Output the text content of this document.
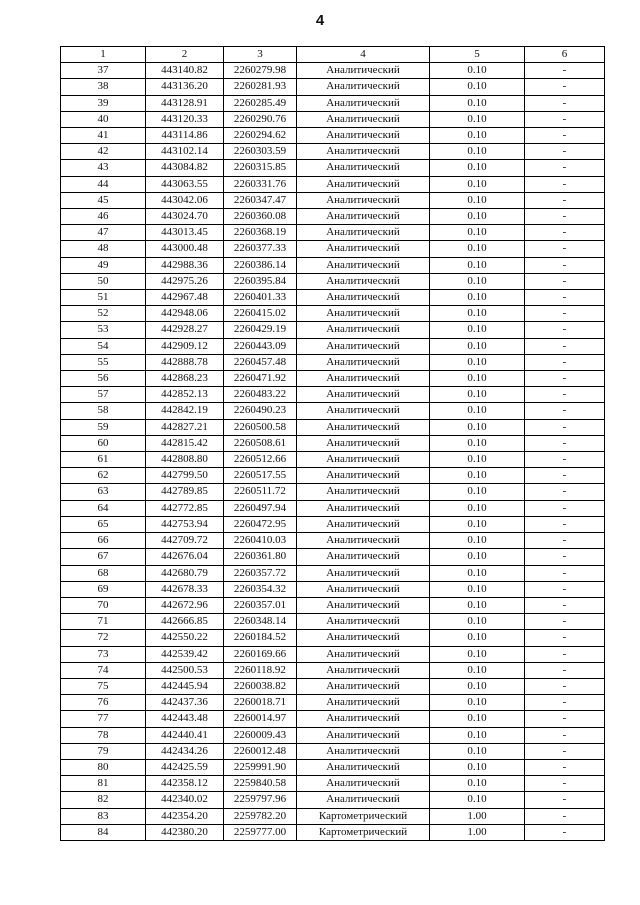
4
1	2	3	4	5	6
37	443140.82	2260279.98	Аналитический	0.10	-
38	443136.20	2260281.93	Аналитический	0.10	-
39	443128.91	2260285.49	Аналитический	0.10	-
40	443120.33	2260290.76	Аналитический	0.10	-
41	443114.86	2260294.62	Аналитический	0.10	-
42	443102.14	2260303.59	Аналитический	0.10	-
43	443084.82	2260315.85	Аналитический	0.10	-
44	443063.55	2260331.76	Аналитический	0.10	-
45	443042.06	2260347.47	Аналитический	0.10	-
46	443024.70	2260360.08	Аналитический	0.10	-
47	443013.45	2260368.19	Аналитический	0.10	-
48	443000.48	2260377.33	Аналитический	0.10	-
49	442988.36	2260386.14	Аналитический	0.10	-
50	442975.26	2260395.84	Аналитический	0.10	-
51	442967.48	2260401.33	Аналитический	0.10	-
52	442948.06	2260415.02	Аналитический	0.10	-
53	442928.27	2260429.19	Аналитический	0.10	-
54	442909.12	2260443.09	Аналитический	0.10	-
55	442888.78	2260457.48	Аналитический	0.10	-
56	442868.23	2260471.92	Аналитический	0.10	-
57	442852.13	2260483.22	Аналитический	0.10	-
58	442842.19	2260490.23	Аналитический	0.10	-
59	442827.21	2260500.58	Аналитический	0.10	-
60	442815.42	2260508.61	Аналитический	0.10	-
61	442808.80	2260512.66	Аналитический	0.10	-
62	442799.50	2260517.55	Аналитический	0.10	-
63	442789.85	2260511.72	Аналитический	0.10	-
64	442772.85	2260497.94	Аналитический	0.10	-
65	442753.94	2260472.95	Аналитический	0.10	-
66	442709.72	2260410.03	Аналитический	0.10	-
67	442676.04	2260361.80	Аналитический	0.10	-
68	442680.79	2260357.72	Аналитический	0.10	-
69	442678.33	2260354.32	Аналитический	0.10	-
70	442672.96	2260357.01	Аналитический	0.10	-
71	442666.85	2260348.14	Аналитический	0.10	-
72	442550.22	2260184.52	Аналитический	0.10	-
73	442539.42	2260169.66	Аналитический	0.10	-
74	442500.53	2260118.92	Аналитический	0.10	-
75	442445.94	2260038.82	Аналитический	0.10	-
76	442437.36	2260018.71	Аналитический	0.10	-
77	442443.48	2260014.97	Аналитический	0.10	-
78	442440.41	2260009.43	Аналитический	0.10	-
79	442434.26	2260012.48	Аналитический	0.10	-
80	442425.59	2259991.90	Аналитический	0.10	-
81	442358.12	2259840.58	Аналитический	0.10	-
82	442340.02	2259797.96	Аналитический	0.10	-
83	442354.20	2259782.20	Картометрический	1.00	-
84	442380.20	2259777.00	Картометрический	1.00	-
